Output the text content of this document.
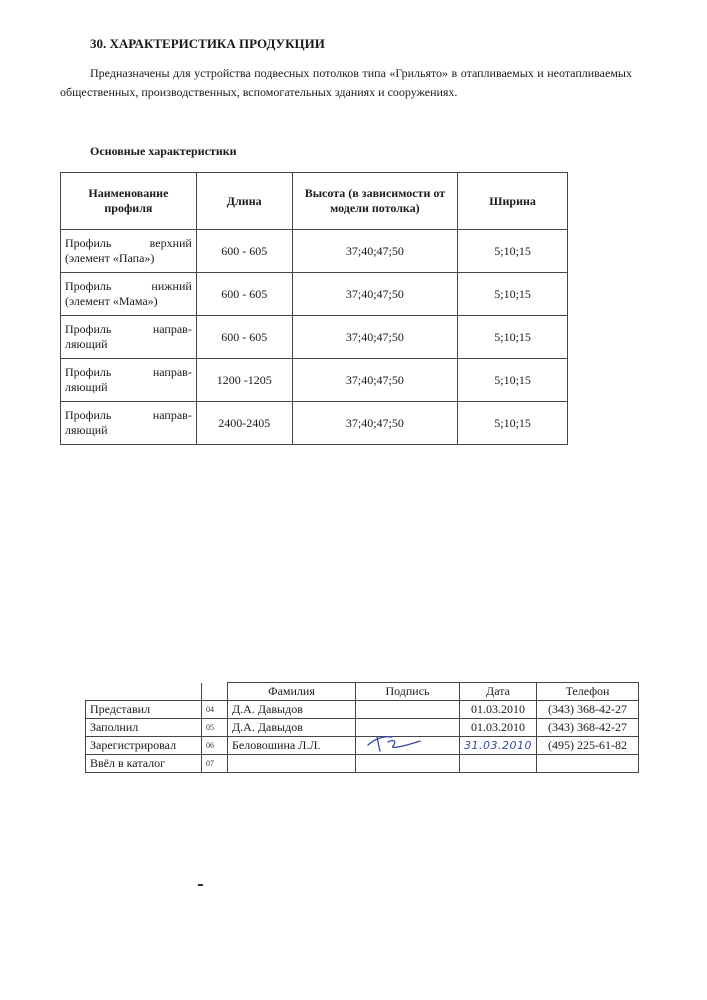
30. ХАРАКТЕРИСТИКА ПРОДУКЦИИ
Предназначены для устройства подвесных потолков типа «Грильято» в отапливаемых и неотапливаемых общественных, производственных, вспомогательных зданиях и сооружениях.
Основные характеристики
Наименование профиля	Длина	Высота (в зависимости от модели потолка)	Ширина

Профиль верхний
(элемент «Папа»)	600 - 605	37;40;47;50	5;10;15

Профиль нижний
(элемент «Мама»)	600 - 605	37;40;47;50	5;10;15

Профиль направ-
ляющий	600 - 605	37;40;47;50	5;10;15

Профиль направ-
ляющий	1200 -1205	37;40;47;50	5;10;15

Профиль направ-
ляющий	2400-2405	37;40;47;50	5;10;15
		Фамилия	Подпись	Дата	Телефон
Представил	04	Д.А. Давыдов		01.03.2010	(343) 368-42-27
Заполнил	05	Д.А. Давыдов		01.03.2010	(343) 368-42-27
Зарегистрировал	06	Беловошина Л.Л.		31.03.2010	(495) 225-61-82
Ввёл в каталог	07				
